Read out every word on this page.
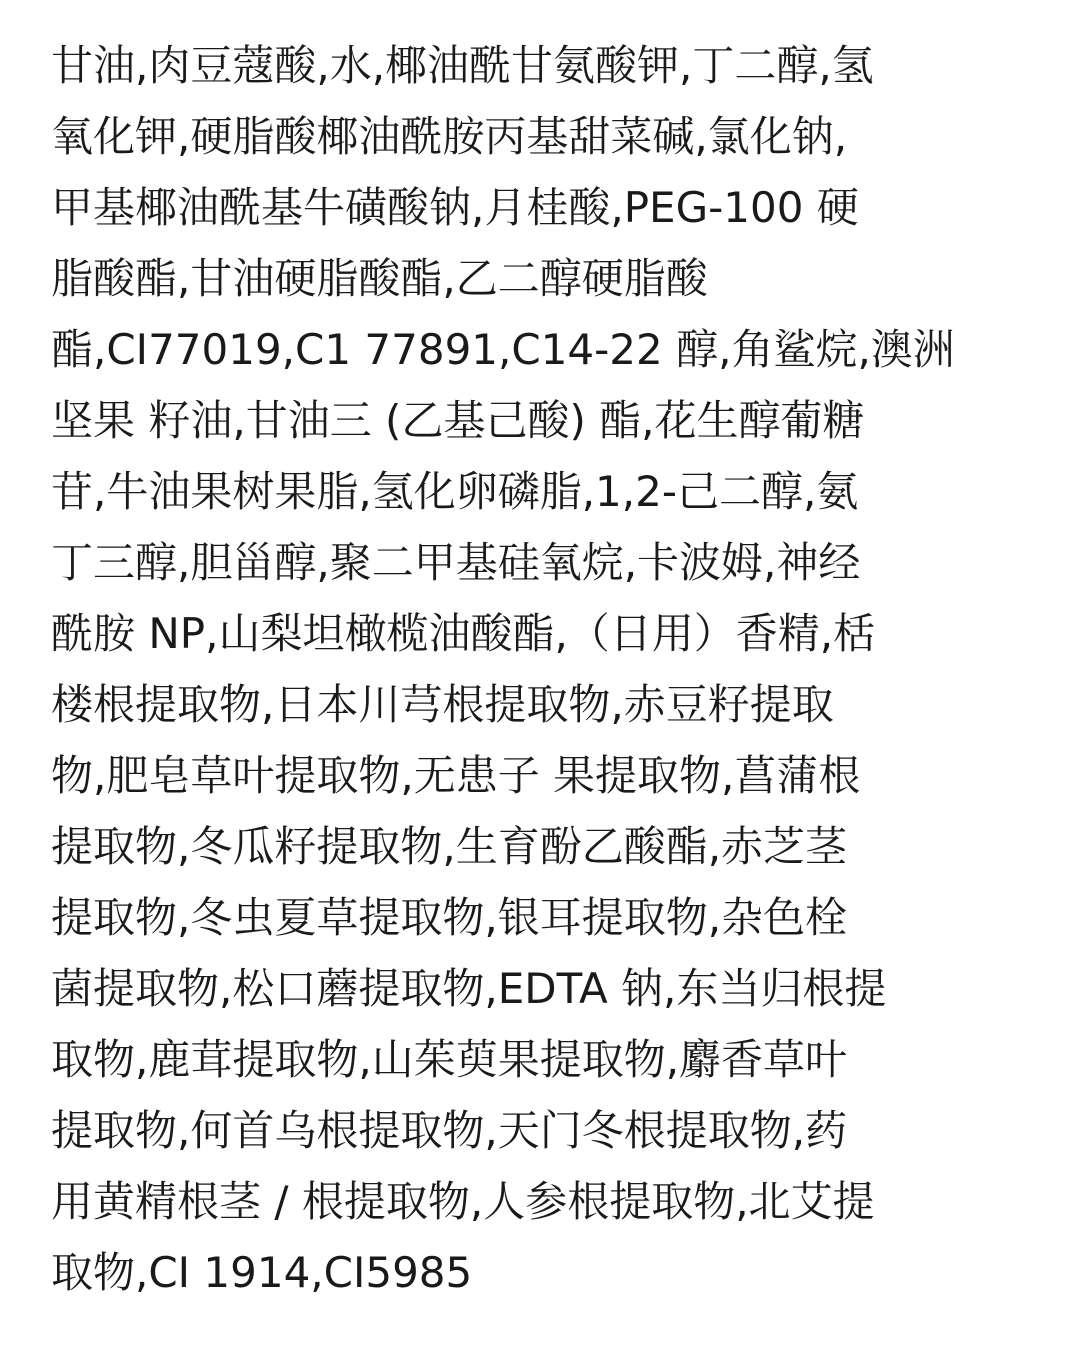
甘油,肉豆蔻酸,水,椰油酰甘氨酸钾,丁二醇,氢
氧化钾,硬脂酸椰油酰胺丙基甜菜碱,氯化钠,
甲基椰油酰基牛磺酸钠,月桂酸,PEG-100 硬
脂酸酯,甘油硬脂酸酯,乙二醇硬脂酸
酯,CI77019,C1 77891,C14-22 醇,角鲨烷,澳洲
坚果 籽油,甘油三 (乙基己酸) 酯,花生醇葡糖
苷,牛油果树果脂,氢化卵磷脂,1,2-己二醇,氨
丁三醇,胆甾醇,聚二甲基硅氧烷,卡波姆,神经
酰胺 NP,山梨坦橄榄油酸酯,（日用）香精,栝
楼根提取物,日本川芎根提取物,赤豆籽提取
物,肥皂草叶提取物,无患子 果提取物,菖蒲根
提取物,冬瓜籽提取物,生育酚乙酸酯,赤芝茎
提取物,冬虫夏草提取物,银耳提取物,杂色栓
菌提取物,松口蘑提取物,EDTA 钠,东当归根提
取物,鹿茸提取物,山茱萸果提取物,麝香草叶
提取物,何首乌根提取物,天门冬根提取物,药
用黄精根茎 / 根提取物,人参根提取物,北艾提
取物,CI 1914,CI5985
